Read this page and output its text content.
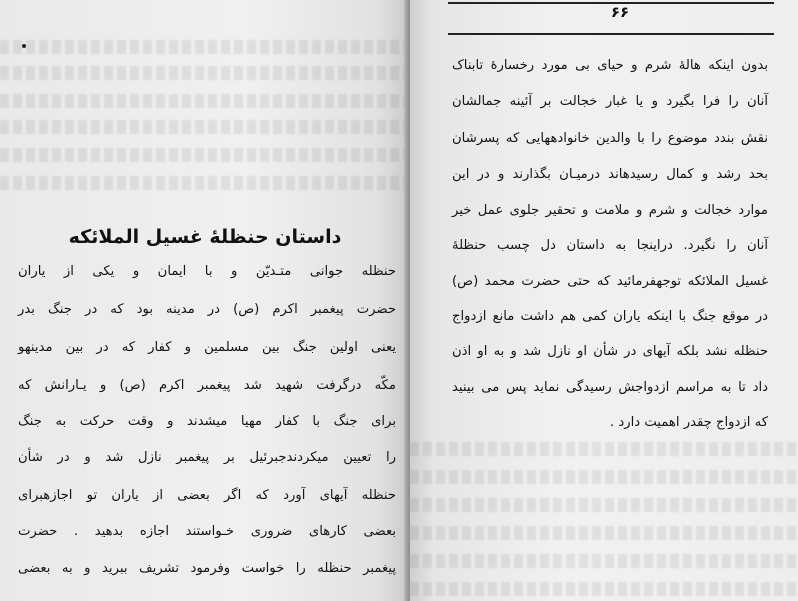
داستان حنظلهٔ غسیل الملائکه
حنظله جوانی متـدیّن و با ایمان و یکی از یاران
حضرت پیغمبر اکرم (ص) در مدینه بود که در جنگ بدر
یعنی اولین جنگ بین مسلمین و کفار که در بین مدینهو
مکّه درگرفت شهید شد پیغمبر اکرم (ص) و یـارانش که
برای جنگ با کفار مهیا میشدند و وقت حرکت به جنگ
را تعیین میکردندجبرئیل بر پیغمبر نازل شد و در شأن
حنظله آیهای آورد که اگر بعضی از یاران تو اجازهبرای
بعضی کارهای ضروری خـواستند اجازه بدهید . حضرت
پیغمبر حنظله را خواست وفرمود تشریف ببرید و به بعضی
۶۶
بدون اینکه هالهٔ شرم و حیای بی مورد رخسارهٔ تابناک
آنان را فرا بگیرد و یا غبار خجالت بر آئینه جمالشان
نقش بندد موضوع را با والدین خانوادههایی که پسرشان
بحد رشد و کمال رسیدهاند درمیـان بگذارند و در این
موارد خجالت و شرم و ملامت و تحقیر جلوی عمل خیر
آنان را نگیرد. دراینجا به داستان دل چسب حنظلهٔ
غسیل الملائکه توجهفرمائید که حتی حضرت محمد (ص)
در موقع جنگ با اینکه یاران کمی هم داشت مانع ازدواج
حنظله نشد بلکه آیهای در شأن او نازل شد و به او اذن
داد تا به مراسم ازدواجش رسیدگی نماید پس می بینید
که ازدواج چقدر اهمیت دارد .
